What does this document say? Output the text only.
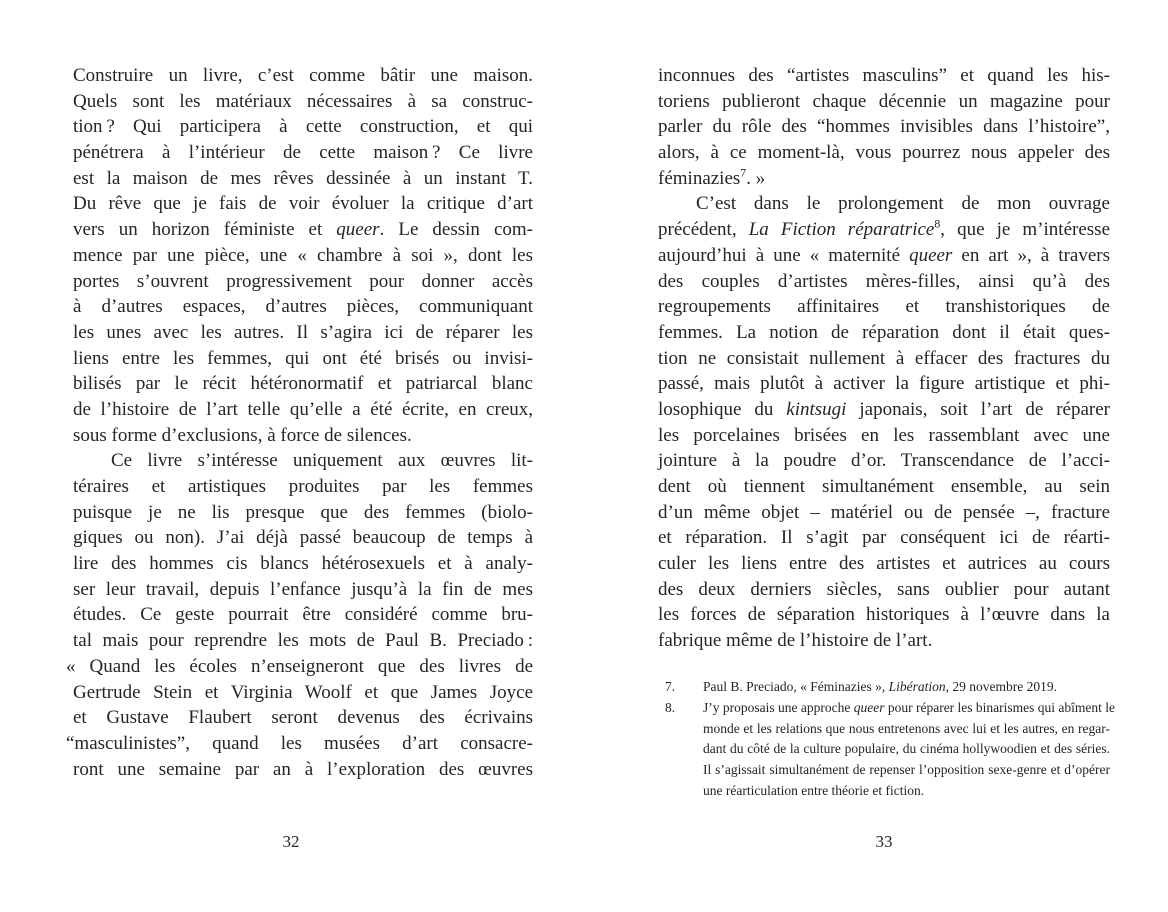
Construire un livre, c’est comme bâtir une maison.
Quels sont les matériaux nécessaires à sa construc-
tion ? Qui participera à cette construction, et qui
pénétrera à l’intérieur de cette maison ? Ce livre
est la maison de mes rêves dessinée à un instant T.
Du rêve que je fais de voir évoluer la critique d’art
vers un horizon féministe et queer. Le dessin com-
mence par une pièce, une « chambre à soi », dont les
portes s’ouvrent progressivement pour donner accès
à d’autres espaces, d’autres pièces, communiquant
les unes avec les autres. Il s’agira ici de réparer les
liens entre les femmes, qui ont été brisés ou invisi-
bilisés par le récit hétéronormatif et patriarcal blanc
de l’histoire de l’art telle qu’elle a été écrite, en creux,
sous forme d’exclusions, à force de silences.
Ce livre s’intéresse uniquement aux œuvres lit-
téraires et artistiques produites par les femmes
puisque je ne lis presque que des femmes (biolo-
giques ou non). J’ai déjà passé beaucoup de temps à
lire des hommes cis blancs hétérosexuels et à analy-
ser leur travail, depuis l’enfance jusqu’à la fin de mes
études. Ce geste pourrait être considéré comme bru-
tal mais pour reprendre les mots de Paul B. Preciado :
« Quand les écoles n’enseigneront que des livres de
Gertrude Stein et Virginia Woolf et que James Joyce
et Gustave Flaubert seront devenus des écrivains
“masculinistes”, quand les musées d’art consacre-
ront une semaine par an à l’exploration des œuvres
inconnues des “artistes masculins” et quand les his-
toriens publieront chaque décennie un magazine pour
parler du rôle des “hommes invisibles dans l’histoire”,
alors, à ce moment-là, vous pourrez nous appeler des
féminazies$^7$. »
C’est dans le prolongement de mon ouvrage
précédent, La Fiction réparatrice$^8$, que je m’intéresse
aujourd’hui à une « maternité queer en art », à travers
des couples d’artistes mères-filles, ainsi qu’à des
regroupements affinitaires et transhistoriques de
femmes. La notion de réparation dont il était ques-
tion ne consistait nullement à effacer des fractures du
passé, mais plutôt à activer la figure artistique et phi-
losophique du kintsugi japonais, soit l’art de réparer
les porcelaines brisées en les rassemblant avec une
jointure à la poudre d’or. Transcendance de l’acci-
dent où tiennent simultanément ensemble, au sein
d’un même objet – matériel ou de pensée –, fracture
et réparation. Il s’agit par conséquent ici de réarti-
culer les liens entre des artistes et autrices au cours
des deux derniers siècles, sans oublier pour autant
les forces de séparation historiques à l’œuvre dans la
fabrique même de l’histoire de l’art.
7.	Paul B. Preciado, « Féminazies », Libération, 29 novembre 2019.
8.	J’y proposais une approche queer pour réparer les binarismes qui abîment le
monde et les relations que nous entretenons avec lui et les autres, en regar-
dant du côté de la culture populaire, du cinéma hollywoodien et des séries.
Il s’agissait simultanément de repenser l’opposition sexe-genre et d’opérer
une réarticulation entre théorie et fiction.
32	33
